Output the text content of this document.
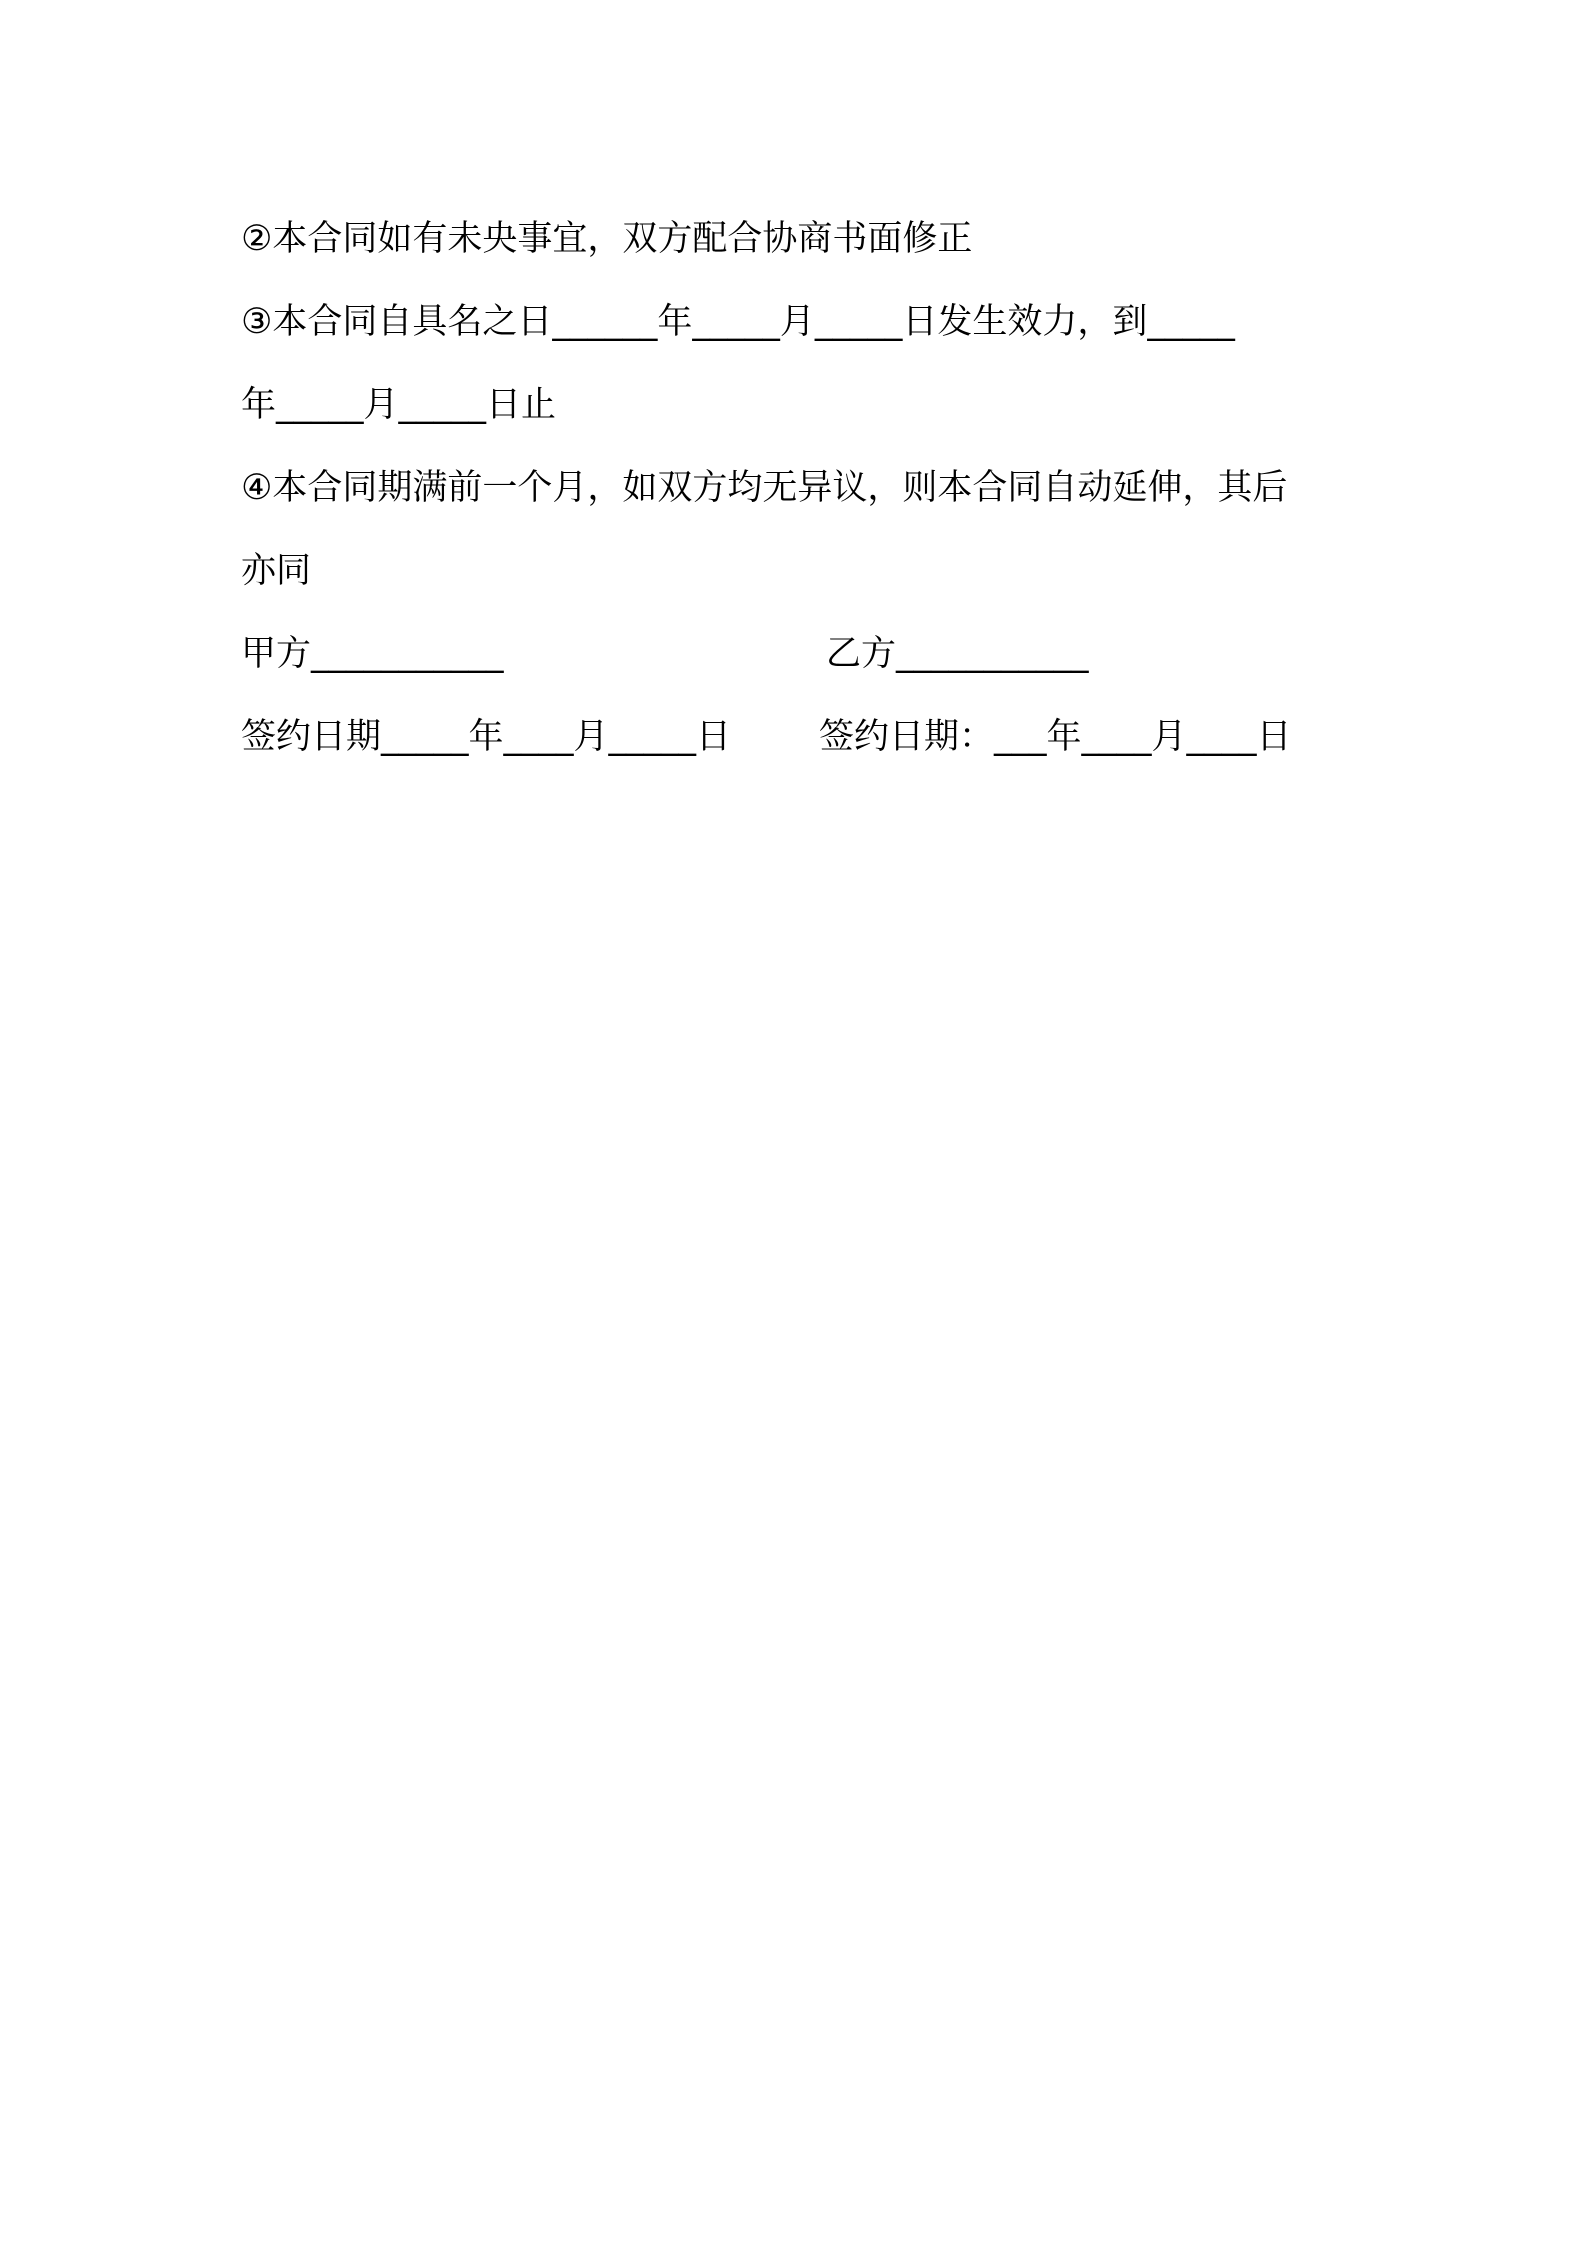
②本合同如有未央事宜，双方配合协商书面修正
③本合同自具名之日______年_____月_____日发生效力，到_____
年_____月_____日止
④本合同期满前一个月，如双方均无异议，则本合同自动延伸，其后
亦同
甲方___________	乙方___________
签约日期_____年____月_____日	签约日期：___年____月____日
